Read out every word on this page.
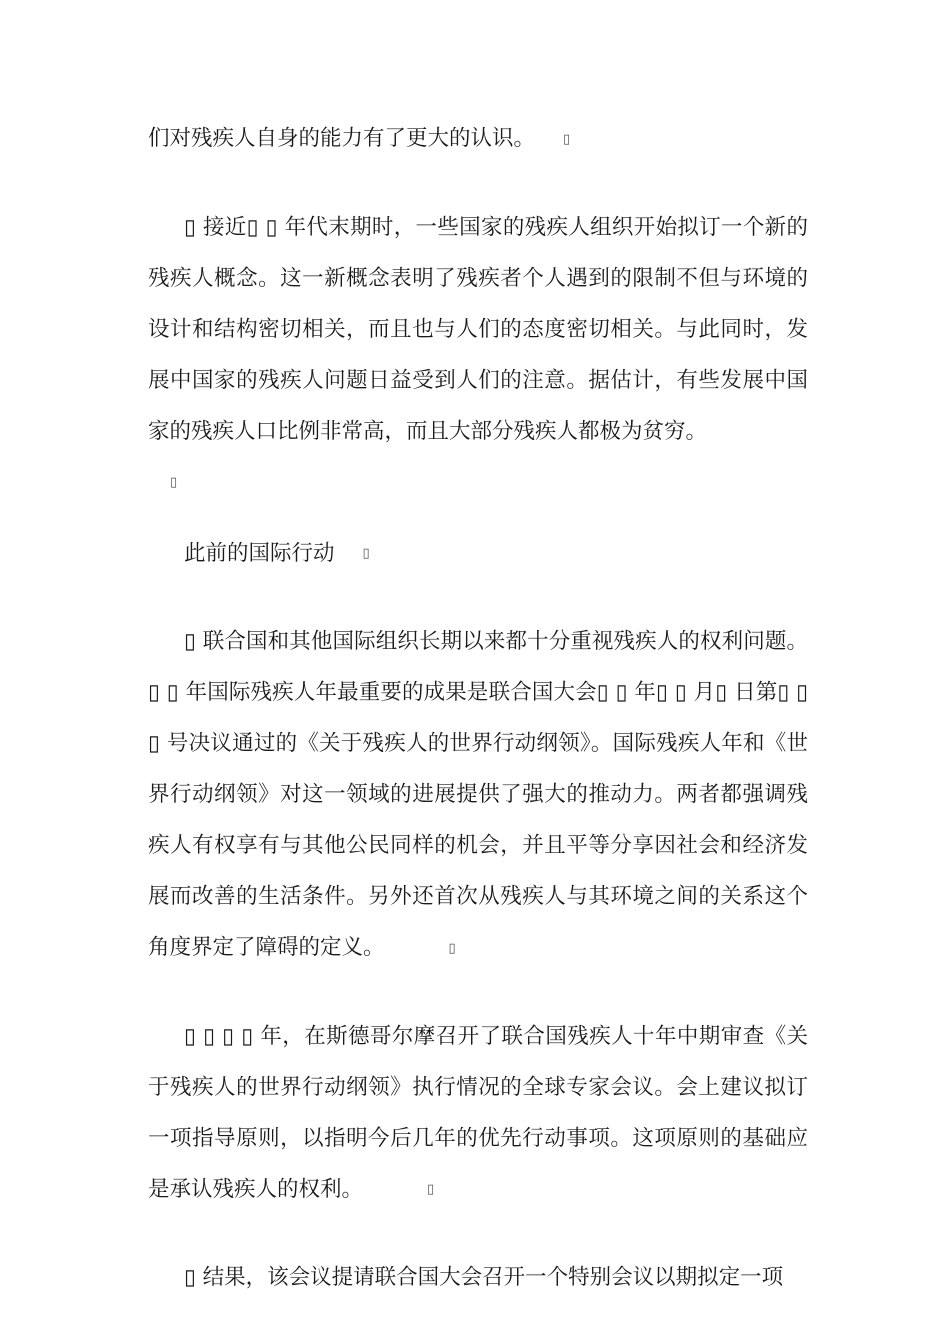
们对残疾人自身的能力有了更大的认识。 ▯

▯ 接近▯ ▯ 年代末期时，一些国家的残疾人组织开始拟订一个新的残疾人概念。这一新概念表明了残疾者个人遇到的限制不但与环境的设计和结构密切相关，而且也与人们的态度密切相关。与此同时，发展中国家的残疾人问题日益受到人们的注意。据估计，有些发展中国家的残疾人口比例非常高，而且大部分残疾人都极为贫穷。

▯

此前的国际行动 ▯

▯ 联合国和其他国际组织长期以来都十分重视残疾人的权利问题。▯ ▯ 年国际残疾人年最重要的成果是联合国大会▯ ▯ 年▯ ▯ 月▯ 日第▯ ▯ ▯ 号决议通过的《关于残疾人的世界行动纲领》。国际残疾人年和《世界行动纲领》对这一领域的进展提供了强大的推动力。两者都强调残疾人有权享有与其他公民同样的机会，并且平等分享因社会和经济发展而改善的生活条件。另外还首次从残疾人与其环境之间的关系这个角度界定了障碍的定义。	▯

▯ ▯ ▯ ▯ 年，在斯德哥尔摩召开了联合国残疾人十年中期审查《关于残疾人的世界行动纲领》执行情况的全球专家会议。会上建议拟订一项指导原则，以指明今后几年的优先行动事项。这项原则的基础应是承认残疾人的权利。	▯

▯ 结果，该会议提请联合国大会召开一个特别会议以期拟定一项
